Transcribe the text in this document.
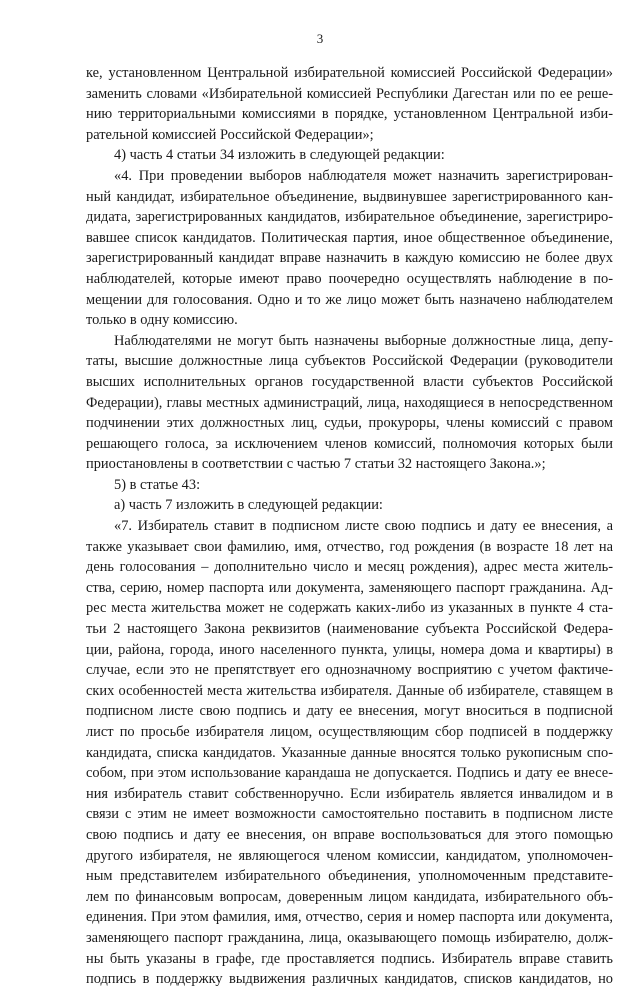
3
ке, установленном Центральной избирательной комиссией Российской Федерации»
заменить словами «Избирательной комиссией Республики Дагестан или по ее реше-
нию территориальными комиссиями в порядке, установленном Центральной изби-
рательной комиссией Российской Федерации»;
4) часть 4 статьи 34 изложить в следующей редакции:
«4. При проведении выборов наблюдателя может назначить зарегистрирован-
ный кандидат, избирательное объединение, выдвинувшее зарегистрированного кан-
дидата, зарегистрированных кандидатов, избирательное объединение, зарегистриро-
вавшее список кандидатов. Политическая партия, иное общественное объединение,
зарегистрированный кандидат вправе назначить в каждую комиссию не более двух
наблюдателей, которые имеют право поочередно осуществлять наблюдение в по-
мещении для голосования. Одно и то же лицо может быть назначено наблюдателем
только в одну комиссию.
Наблюдателями не могут быть назначены выборные должностные лица, депу-
таты, высшие должностные лица субъектов Российской Федерации (руководители
высших исполнительных органов государственной власти субъектов Российской
Федерации), главы местных администраций, лица, находящиеся в непосредственном
подчинении этих должностных лиц, судьи, прокуроры, члены комиссий с правом
решающего голоса, за исключением членов комиссий, полномочия которых были
приостановлены в соответствии с частью 7 статьи 32 настоящего Закона.»;
5) в статье 43:
а) часть 7 изложить в следующей редакции:
«7. Избиратель ставит в подписном листе свою подпись и дату ее внесения, а
также указывает свои фамилию, имя, отчество, год рождения (в возрасте 18 лет на
день голосования – дополнительно число и месяц рождения), адрес места житель-
ства, серию, номер паспорта или документа, заменяющего паспорт гражданина. Ад-
рес места жительства может не содержать каких-либо из указанных в пункте 4 ста-
тьи 2 настоящего Закона реквизитов (наименование субъекта Российской Федера-
ции, района, города, иного населенного пункта, улицы, номера дома и квартиры) в
случае, если это не препятствует его однозначному восприятию с учетом фактиче-
ских особенностей места жительства избирателя. Данные об избирателе, ставящем в
подписном листе свою подпись и дату ее внесения, могут вноситься в подписной
лист по просьбе избирателя лицом, осуществляющим сбор подписей в поддержку
кандидата, списка кандидатов. Указанные данные вносятся только рукописным спо-
собом, при этом использование карандаша не допускается. Подпись и дату ее внесе-
ния избиратель ставит собственноручно. Если избиратель является инвалидом и в
связи с этим не имеет возможности самостоятельно поставить в подписном листе
свою подпись и дату ее внесения, он вправе воспользоваться для этого помощью
другого избирателя, не являющегося членом комиссии, кандидатом, уполномочен-
ным представителем избирательного объединения, уполномоченным представите-
лем по финансовым вопросам, доверенным лицом кандидата, избирательного объ-
единения. При этом фамилия, имя, отчество, серия и номер паспорта или документа,
заменяющего паспорт гражданина, лица, оказывающего помощь избирателю, долж-
ны быть указаны в графе, где проставляется подпись. Избиратель вправе ставить
подпись в поддержку выдвижения различных кандидатов, списков кандидатов, но
